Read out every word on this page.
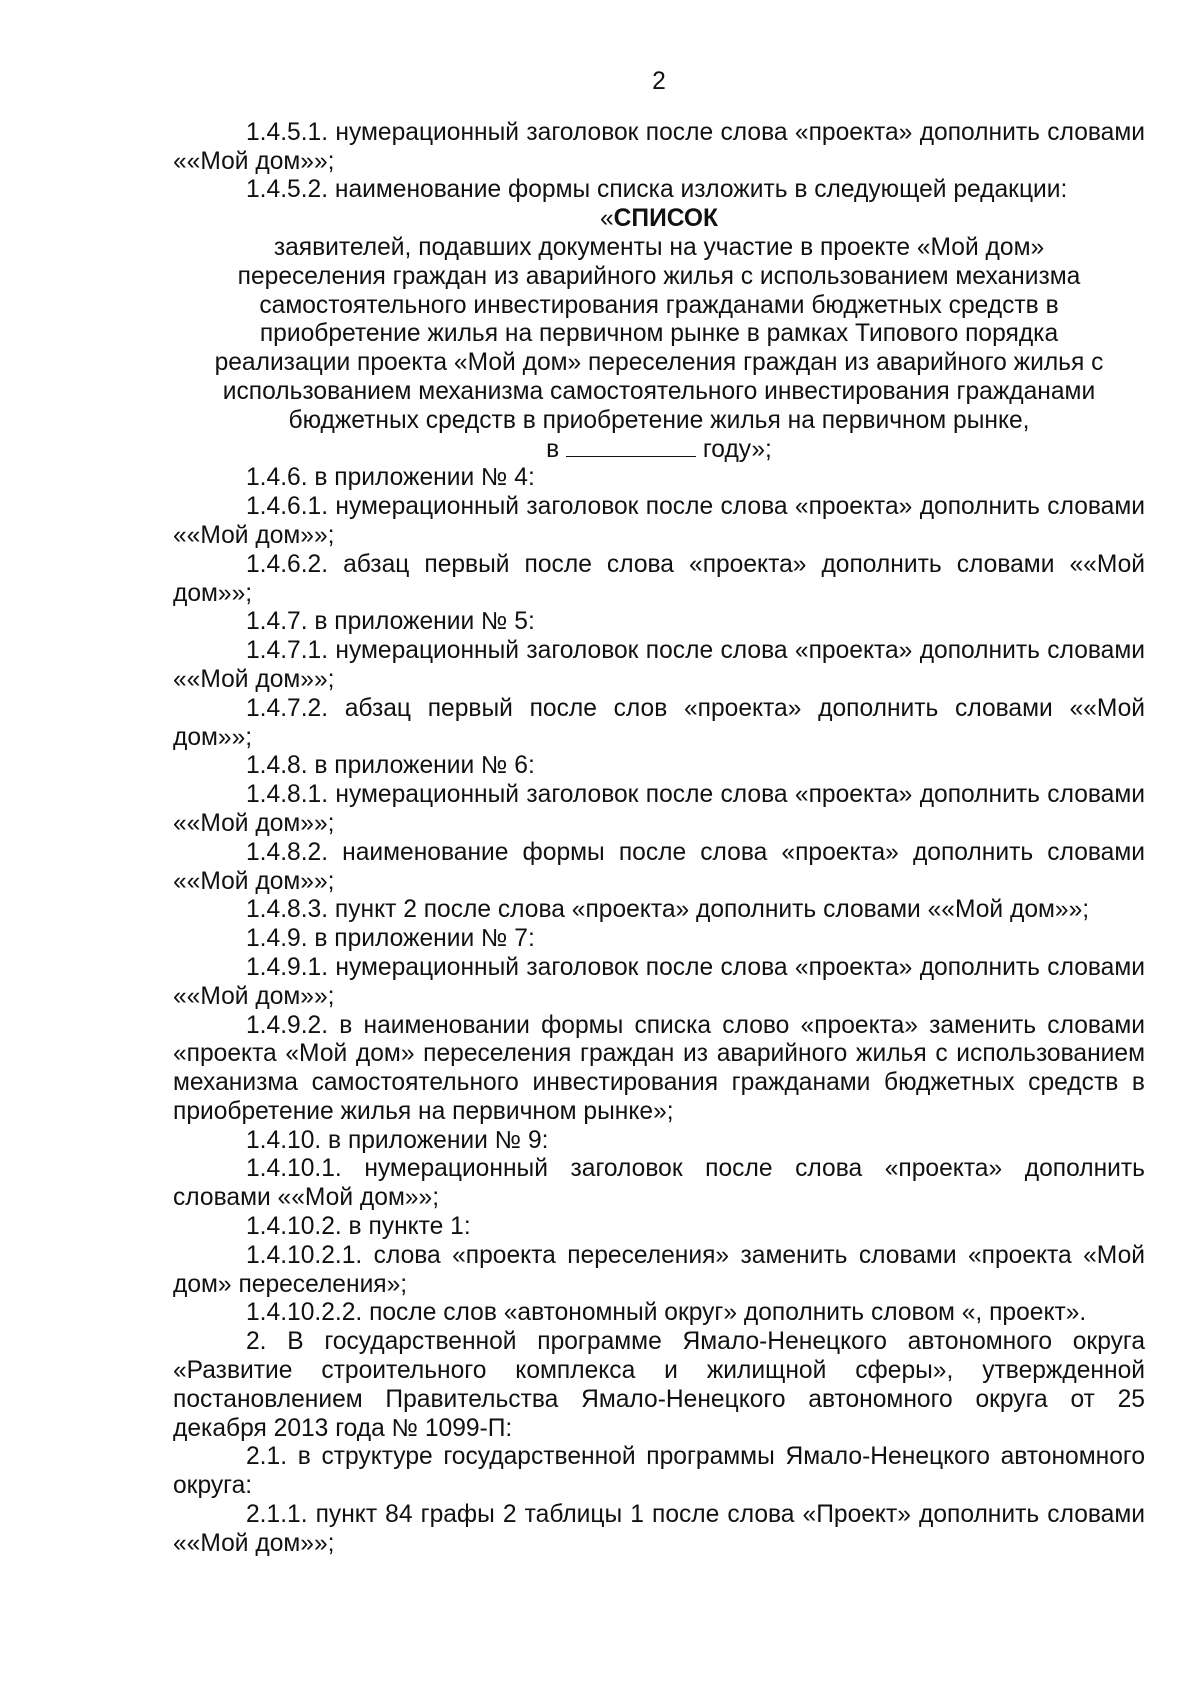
2

1.4.5.1. нумерационный заголовок после слова «проекта» дополнить словами ««Мой дом»»;

1.4.5.2. наименование формы списка изложить в следующей редакции:

«СПИСОК

заявителей, подавших документы на участие в проекте «Мой дом»

переселения граждан из аварийного жилья с использованием механизма

самостоятельного инвестирования гражданами бюджетных средств в

приобретение жилья на первичном рынке в рамках Типового порядка

реализации проекта «Мой дом» переселения граждан из аварийного жилья с

использованием механизма самостоятельного инвестирования гражданами

бюджетных средств в приобретение жилья на первичном рынке,

в	году»;

1.4.6. в приложении № 4:

1.4.6.1. нумерационный заголовок после слова «проекта» дополнить словами ««Мой дом»»;

1.4.6.2. абзац первый после слова «проекта» дополнить словами ««Мой дом»»;

1.4.7. в приложении № 5:

1.4.7.1. нумерационный заголовок после слова «проекта» дополнить словами ««Мой дом»»;

1.4.7.2. абзац первый после слов «проекта» дополнить словами ««Мой дом»»;

1.4.8. в приложении № 6:

1.4.8.1. нумерационный заголовок после слова «проекта» дополнить словами ««Мой дом»»;

1.4.8.2. наименование формы после слова «проекта» дополнить словами ««Мой дом»»;

1.4.8.3. пункт 2 после слова «проекта» дополнить словами ««Мой дом»»;

1.4.9. в приложении № 7:

1.4.9.1. нумерационный заголовок после слова «проекта» дополнить словами ««Мой дом»»;

1.4.9.2. в наименовании формы списка слово «проекта» заменить словами «проекта «Мой дом» переселения граждан из аварийного жилья с использованием механизма самостоятельного инвестирования гражданами бюджетных средств в приобретение жилья на первичном рынке»;

1.4.10. в приложении № 9:

1.4.10.1. нумерационный заголовок после слова «проекта» дополнить словами ««Мой дом»»;

1.4.10.2. в пункте 1:

1.4.10.2.1. слова «проекта переселения» заменить словами «проекта «Мой дом» переселения»;

1.4.10.2.2. после слов «автономный округ» дополнить словом «, проект».

2. В государственной программе Ямало-Ненецкого автономного округа «Развитие строительного комплекса и жилищной сферы», утвержденной постановлением Правительства Ямало-Ненецкого автономного округа от 25 декабря 2013 года № 1099-П:

2.1. в структуре государственной программы Ямало-Ненецкого автономного округа:

2.1.1. пункт 84 графы 2 таблицы 1 после слова «Проект» дополнить словами ««Мой дом»»;
